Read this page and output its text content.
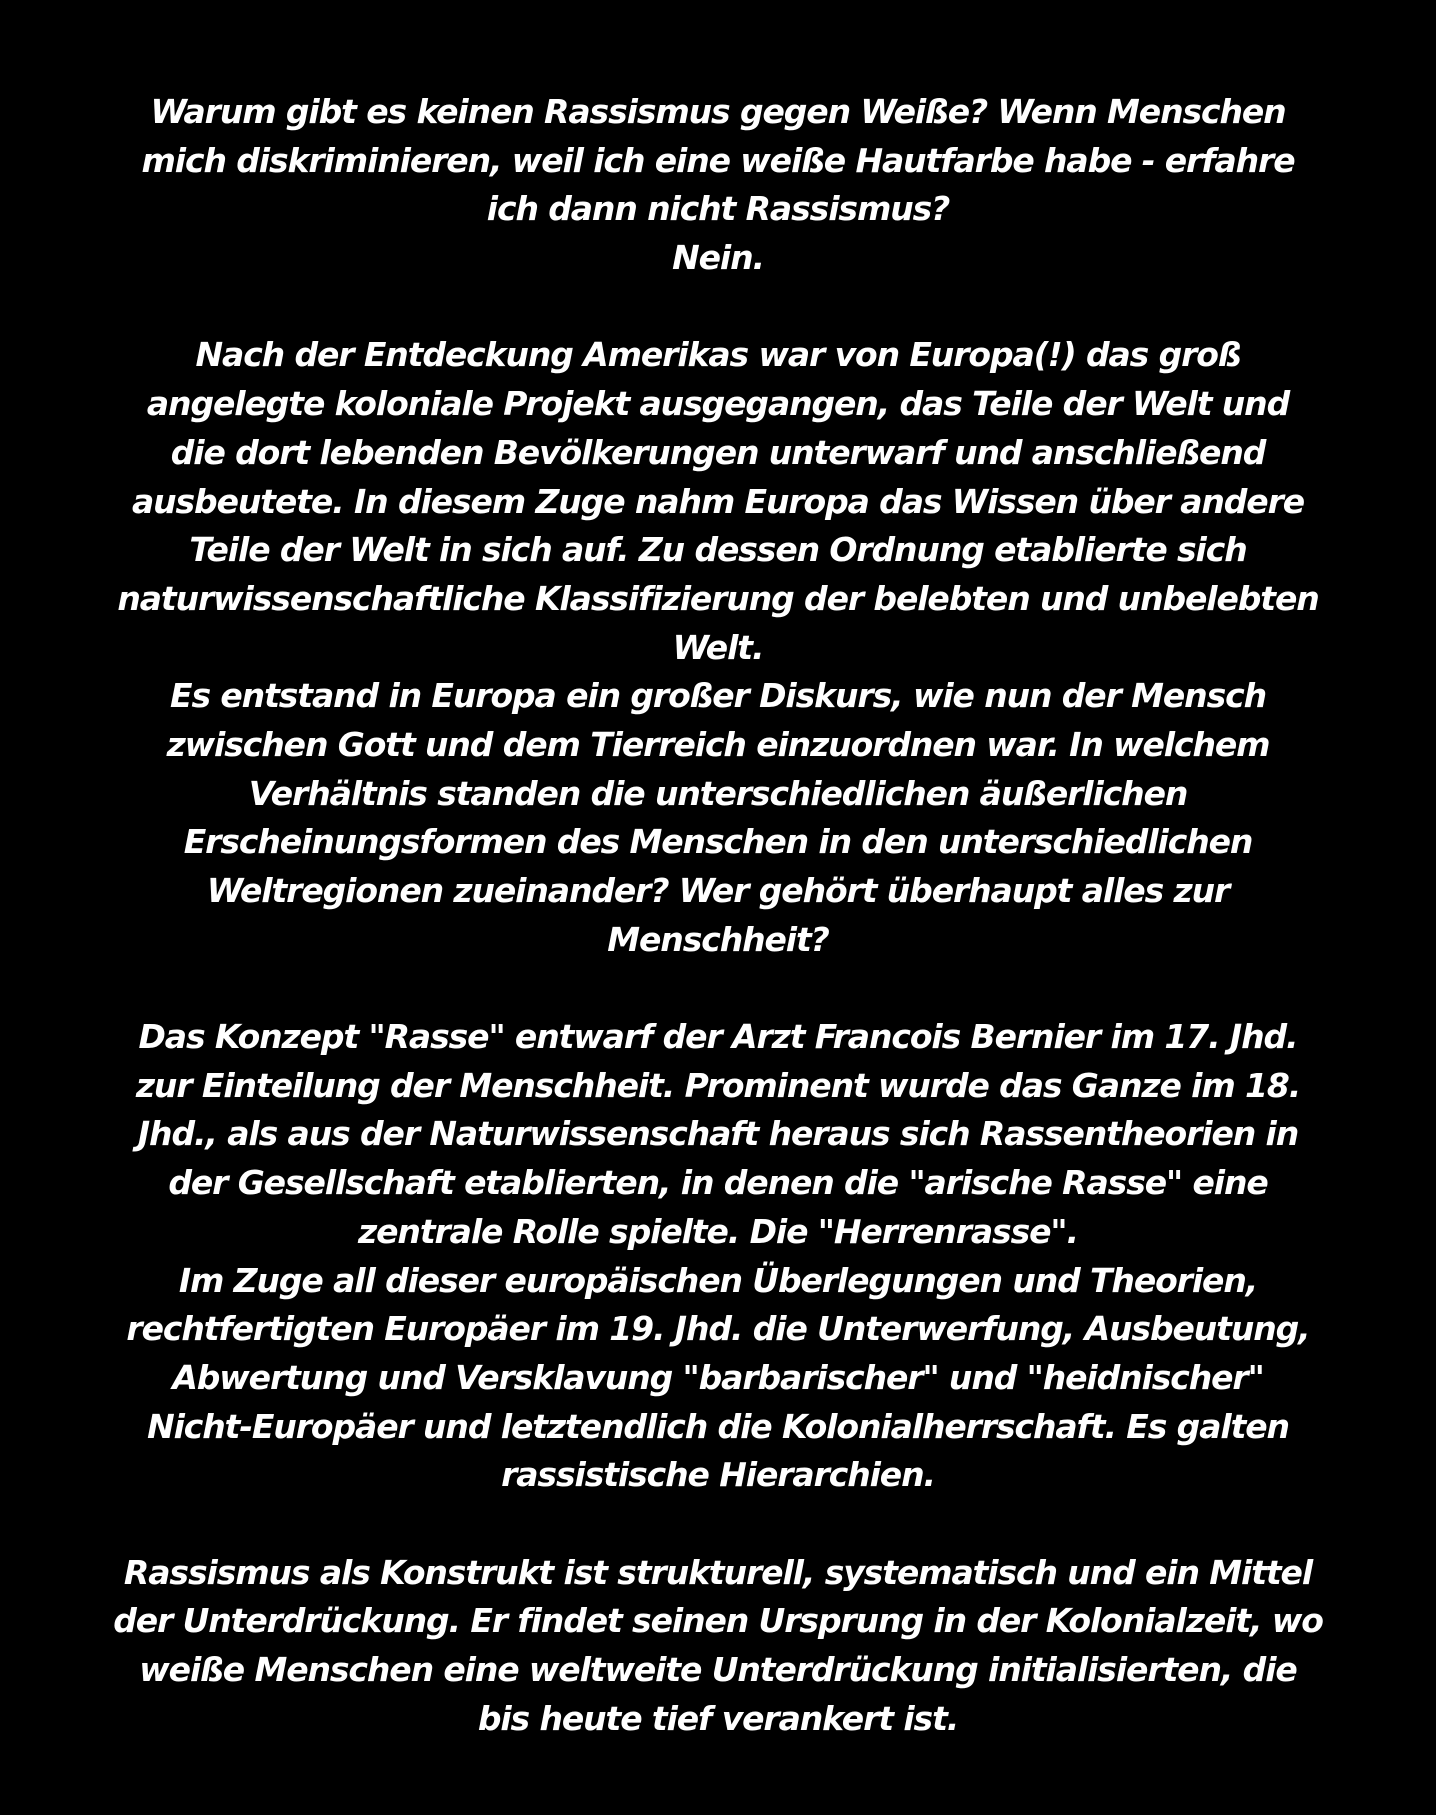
Warum gibt es keinen Rassismus gegen Weiße? Wenn Menschen
mich diskriminieren, weil ich eine weiße Hautfarbe habe - erfahre
ich dann nicht Rassismus?
Nein.
Nach der Entdeckung Amerikas war von Europa(!) das groß
angelegte koloniale Projekt ausgegangen, das Teile der Welt und
die dort lebenden Bevölkerungen unterwarf und anschließend
ausbeutete. In diesem Zuge nahm Europa das Wissen über andere
Teile der Welt in sich auf. Zu dessen Ordnung etablierte sich
naturwissenschaftliche Klassifizierung der belebten und unbelebten
Welt.
Es entstand in Europa ein großer Diskurs, wie nun der Mensch
zwischen Gott und dem Tierreich einzuordnen war. In welchem
Verhältnis standen die unterschiedlichen äußerlichen
Erscheinungsformen des Menschen in den unterschiedlichen
Weltregionen zueinander? Wer gehört überhaupt alles zur
Menschheit?
Das Konzept "Rasse" entwarf der Arzt Francois Bernier im 17. Jhd.
zur Einteilung der Menschheit. Prominent wurde das Ganze im 18.
Jhd., als aus der Naturwissenschaft heraus sich Rassentheorien in
der Gesellschaft etablierten, in denen die "arische Rasse" eine
zentrale Rolle spielte. Die "Herrenrasse".
Im Zuge all dieser europäischen Überlegungen und Theorien,
rechtfertigten Europäer im 19. Jhd. die Unterwerfung, Ausbeutung,
Abwertung und Versklavung "barbarischer" und "heidnischer"
Nicht-Europäer und letztendlich die Kolonialherrschaft. Es galten
rassistische Hierarchien.
Rassismus als Konstrukt ist strukturell, systematisch und ein Mittel
der Unterdrückung. Er findet seinen Ursprung in der Kolonialzeit, wo
weiße Menschen eine weltweite Unterdrückung initialisierten, die
bis heute tief verankert ist.
